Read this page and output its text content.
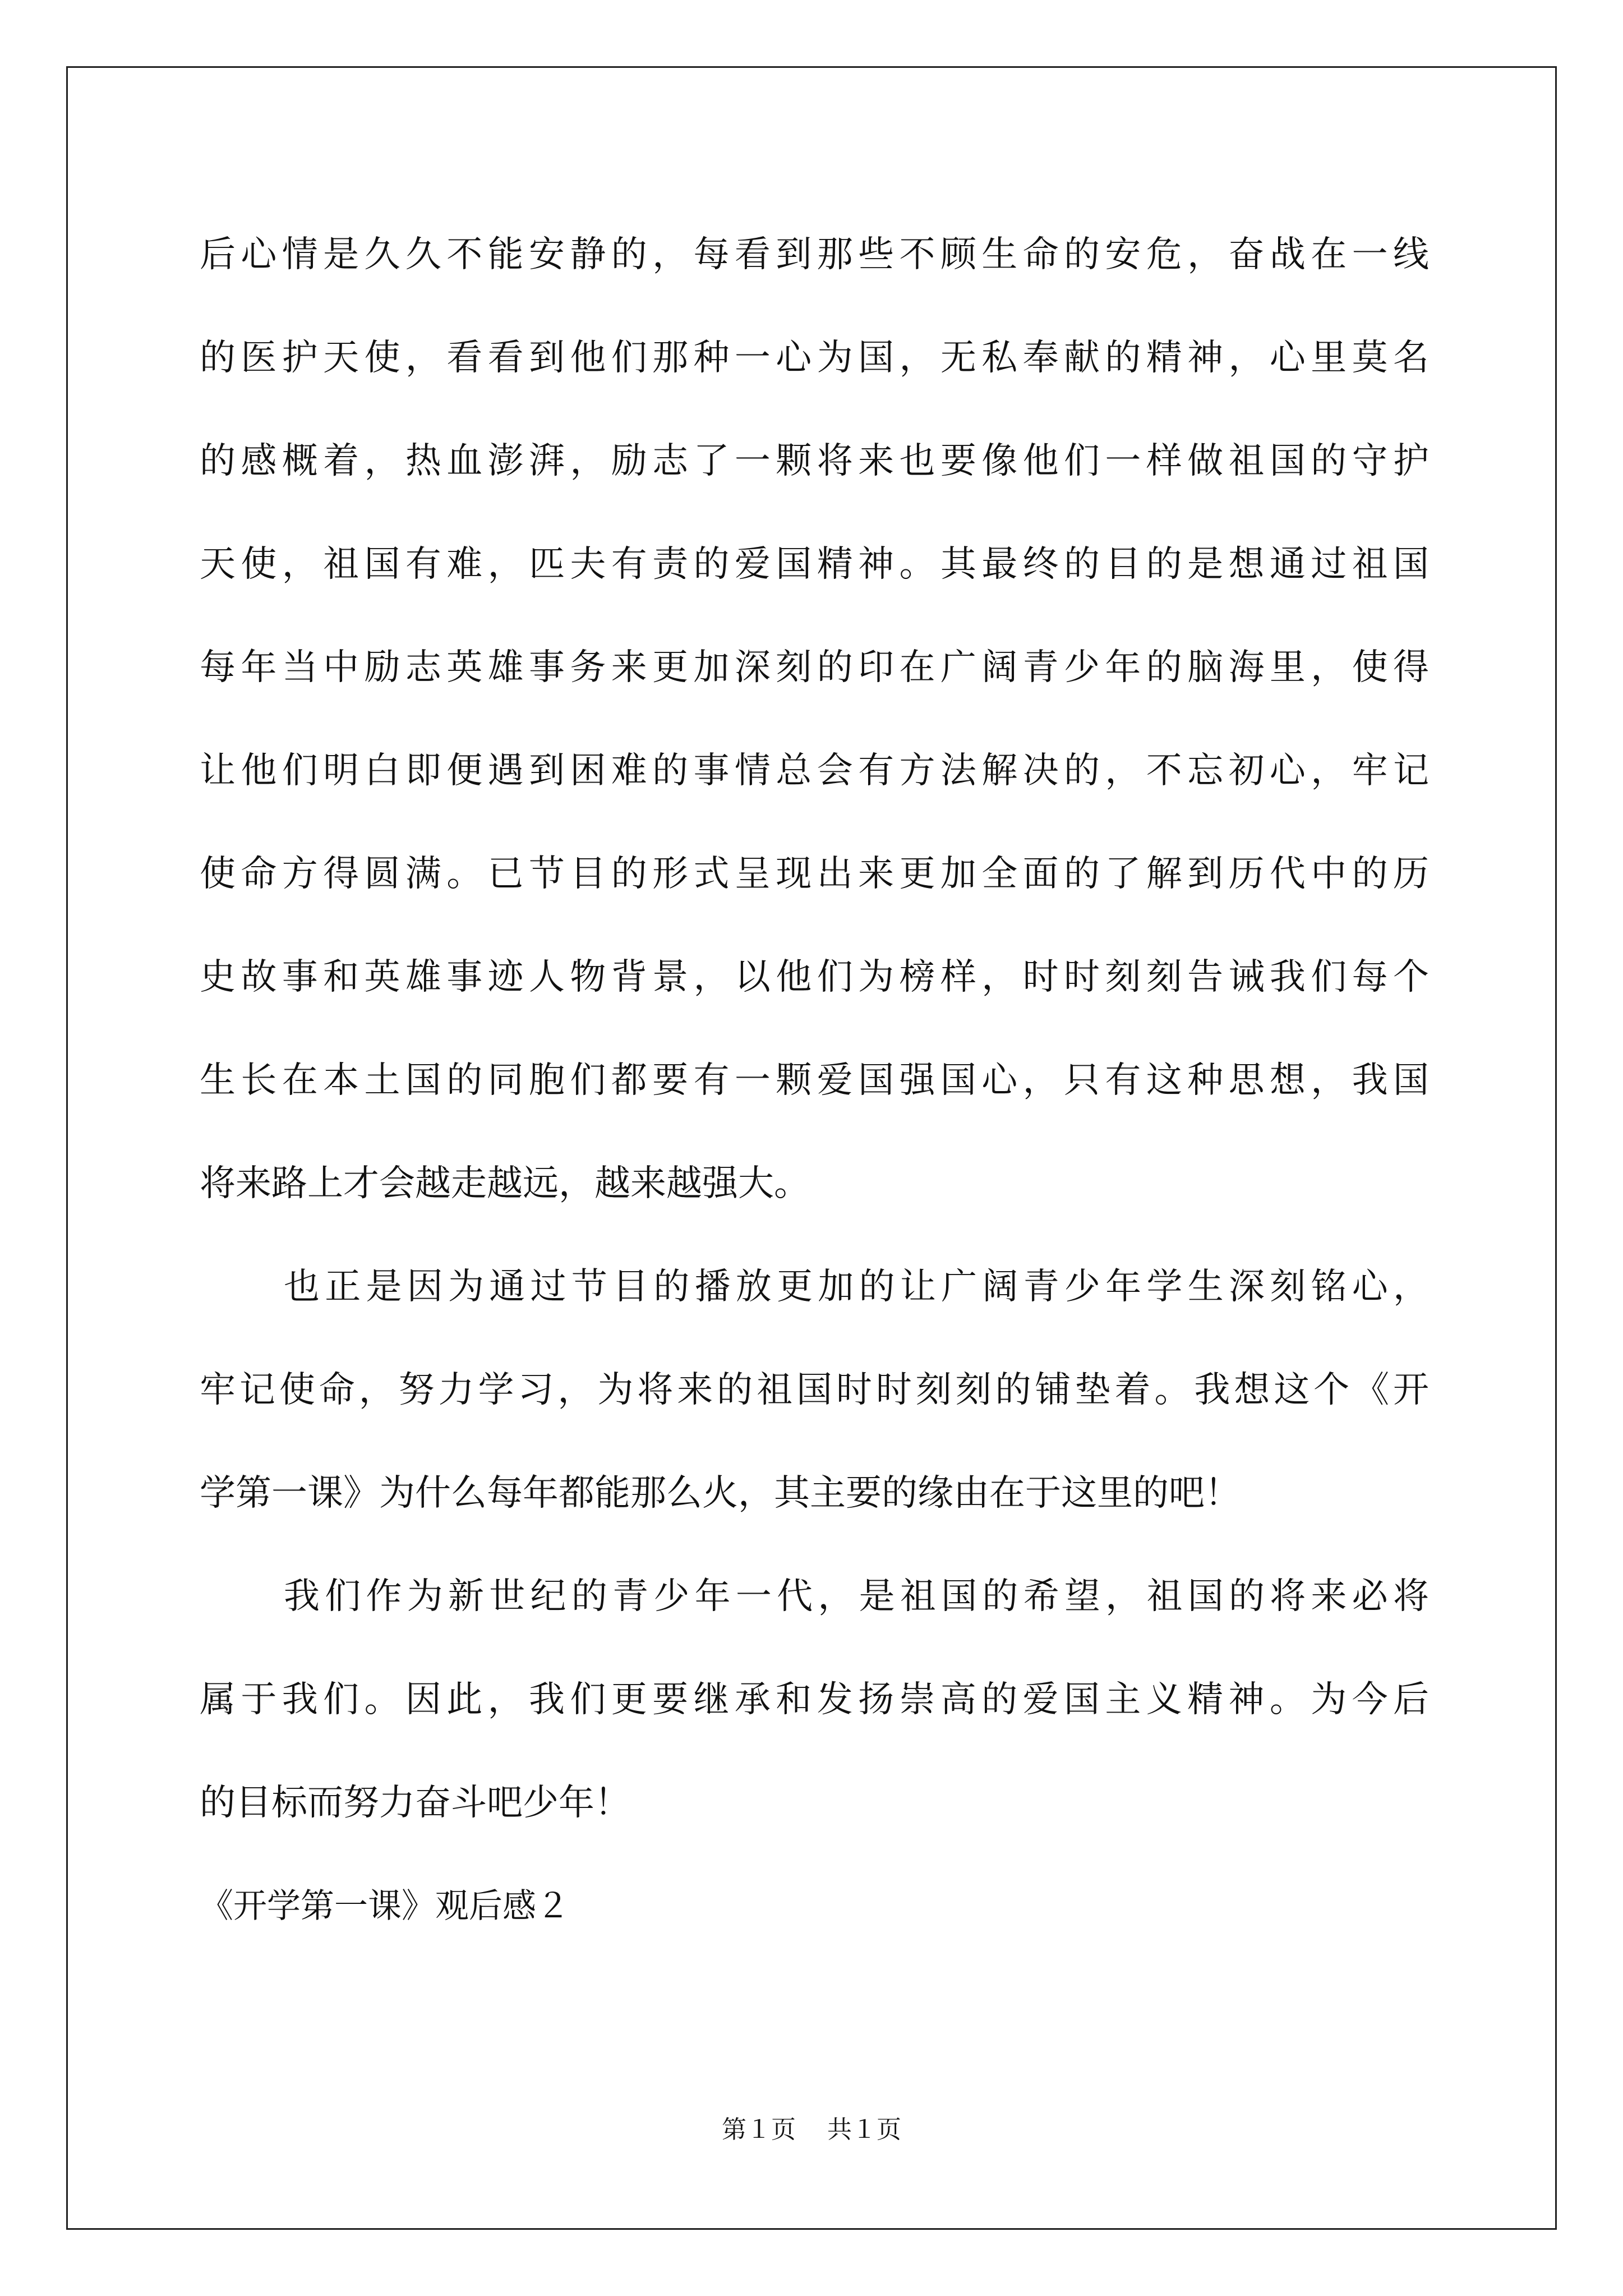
后心情是久久不能安静的，每看到那些不顾生命的安危，奋战在一线
的医护天使，看看到他们那种一心为国，无私奉献的精神，心里莫名
的感概着，热血澎湃，励志了一颗将来也要像他们一样做祖国的守护
天使，祖国有难，匹夫有责的爱国精神。其最终的目的是想通过祖国
每年当中励志英雄事务来更加深刻的印在广阔青少年的脑海里，使得
让他们明白即便遇到困难的事情总会有方法解决的，不忘初心，牢记
使命方得圆满。已节目的形式呈现出来更加全面的了解到历代中的历
史故事和英雄事迹人物背景，以他们为榜样，时时刻刻告诫我们每个
生长在本土国的同胞们都要有一颗爱国强国心，只有这种思想，我国
将来路上才会越走越远，越来越强大。
也正是因为通过节目的播放更加的让广阔青少年学生深刻铭心，
牢记使命，努力学习，为将来的祖国时时刻刻的铺垫着。我想这个《开
学第一课》为什么每年都能那么火，其主要的缘由在于这里的吧！
我们作为新世纪的青少年一代，是祖国的希望，祖国的将来必将
属于我们。因此，我们更要继承和发扬崇高的爱国主义精神。为今后
的目标而努力奋斗吧少年！
《开学第一课》观后感２
第１页 共１页
